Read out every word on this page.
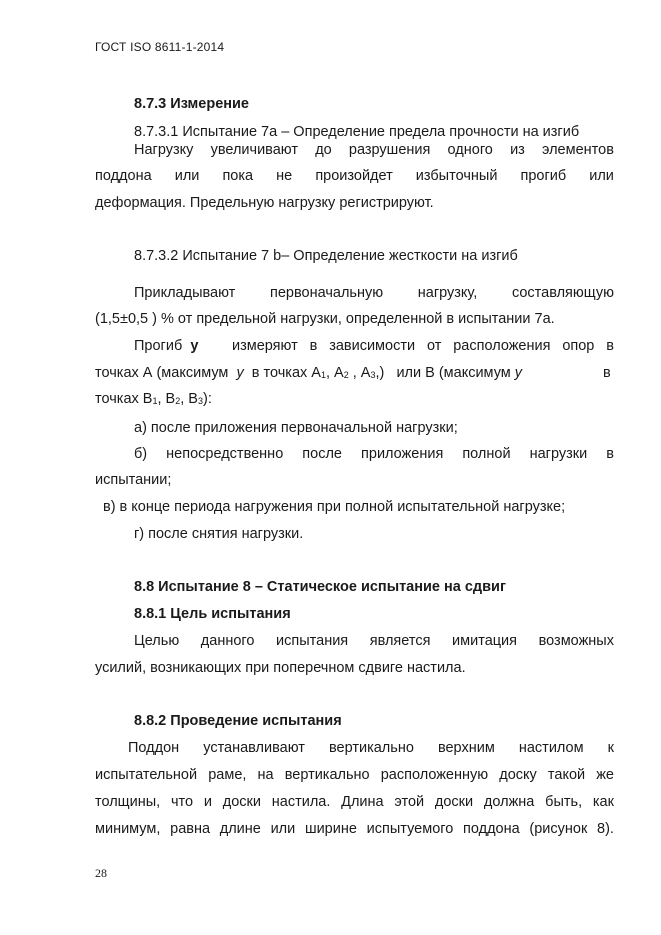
ГОСТ ISO 8611-1-2014
8.7.3 Измерение
8.7.3.1 Испытание 7а – Определение предела прочности на изгиб
Нагрузку увеличивают до разрушения одного из элементов
поддона или пока не произойдет избыточный прогиб или
деформация. Предельную нагрузку регистрируют.
8.7.3.2 Испытание 7 b– Определение жесткости на изгиб
Прикладывают первоначальную нагрузку, составляющую
(1,5±0,5 ) % от предельной нагрузки, определенной в испытании 7а.
Прогиб y измеряют в зависимости от расположения опор в
точках А (максимум y в точках $А_1$, $А_2$ , $А_3$,)   или В (максимум y	в
точках $В_1$, $В_2$, $В_3$):
а) после приложения первоначальной нагрузки;
б) непосредственно после приложения полной нагрузки в
испытании;
в) в конце периода нагружения при полной испытательной нагрузке;
г) после снятия нагрузки.
8.8 Испытание 8 – Статическое испытание на сдвиг
8.8.1 Цель испытания
Целью данного испытания является имитация возможных
усилий, возникающих при поперечном сдвиге настила.
8.8.2 Проведение испытания
Поддон устанавливают вертикально верхним настилом к
испытательной раме, на вертикально расположенную доску такой же
толщины, что и доски настила. Длина этой доски должна быть, как
минимум, равна длине или ширине испытуемого поддона (рисунок 8).
28
